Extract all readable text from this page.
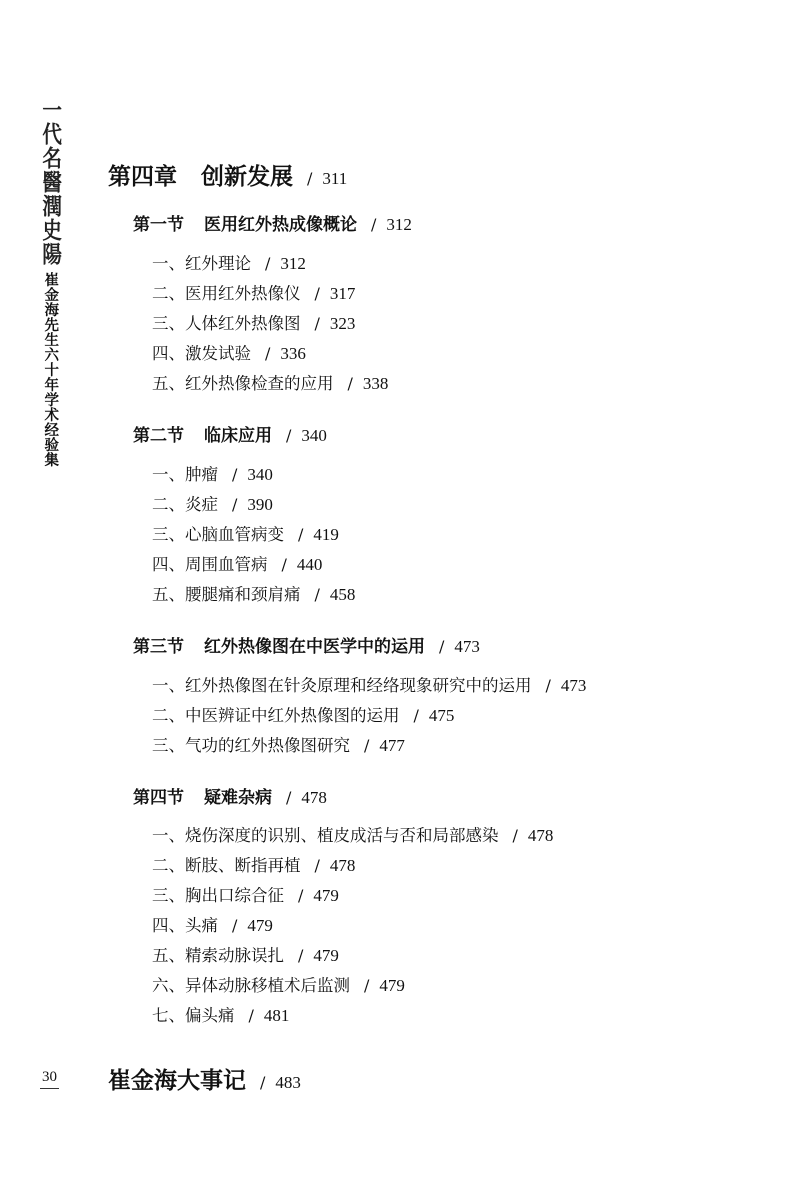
一代名醫潤史陽
崔金海先生六十年学术经验集
第四章 创新发展 / 311
第一节 医用红外热成像概论 / 312
一、红外理论 / 312
二、医用红外热像仪 / 317
三、人体红外热像图 / 323
四、激发试验 / 336
五、红外热像检查的应用 / 338
第二节 临床应用 / 340
一、肿瘤 / 340
二、炎症 / 390
三、心脑血管病变 / 419
四、周围血管病 / 440
五、腰腿痛和颈肩痛 / 458
第三节 红外热像图在中医学中的运用 / 473
一、红外热像图在针灸原理和经络现象研究中的运用 / 473
二、中医辨证中红外热像图的运用 / 475
三、气功的红外热像图研究 / 477
第四节 疑难杂病 / 478
一、烧伤深度的识别、植皮成活与否和局部感染 / 478
二、断肢、断指再植 / 478
三、胸出口综合征 / 479
四、头痛 / 479
五、精索动脉误扎 / 479
六、异体动脉移植术后监测 / 479
七、偏头痛 / 481
崔金海大事记 / 483
30
